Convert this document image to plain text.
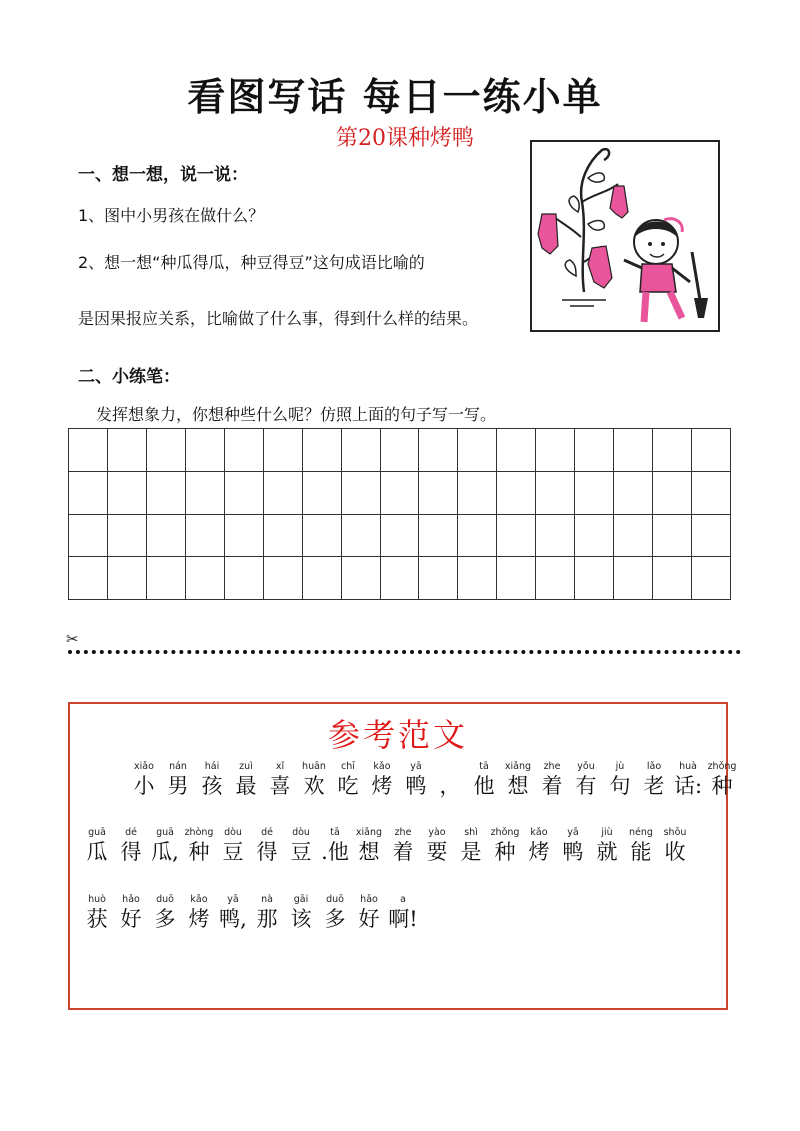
看图写话 每日一练小单
第20课种烤鸭
一、想一想，说一说：
1、图中小男孩在做什么？
2、想一想“种瓜得瓜，种豆得豆”这句成语比喻的
是因果报应关系，比喻做了什么事，得到什么样的结果。
二、小练笔：
发挥想象力，你想种些什么呢？仿照上面的句子写一写。
✂
参考范文
xiǎo
小
nán
男
hái
孩
zuì
最
xǐ
喜
huān
欢
chī
吃
kǎo
烤
yā
鸭 ，
tā
他
xiǎng
想
zhe
着
yǒu
有
jù
句
lǎo
老
huà
话:
zhǒng
种
guā
瓜
dé
得
guā
瓜,
zhòng
种
dòu
豆
dé
得
dòu
豆
tā
.他
xiǎng
想
zhe
着
yào
要
shì
是
zhǒng
种
kǎo
烤
yā
鸭
jiù
就
néng
能
shōu
收
huò
获
hǎo
好
duō
多
kǎo
烤
yā
鸭,
nà
那
gāi
该
duō
多
hǎo
好
a
啊!
